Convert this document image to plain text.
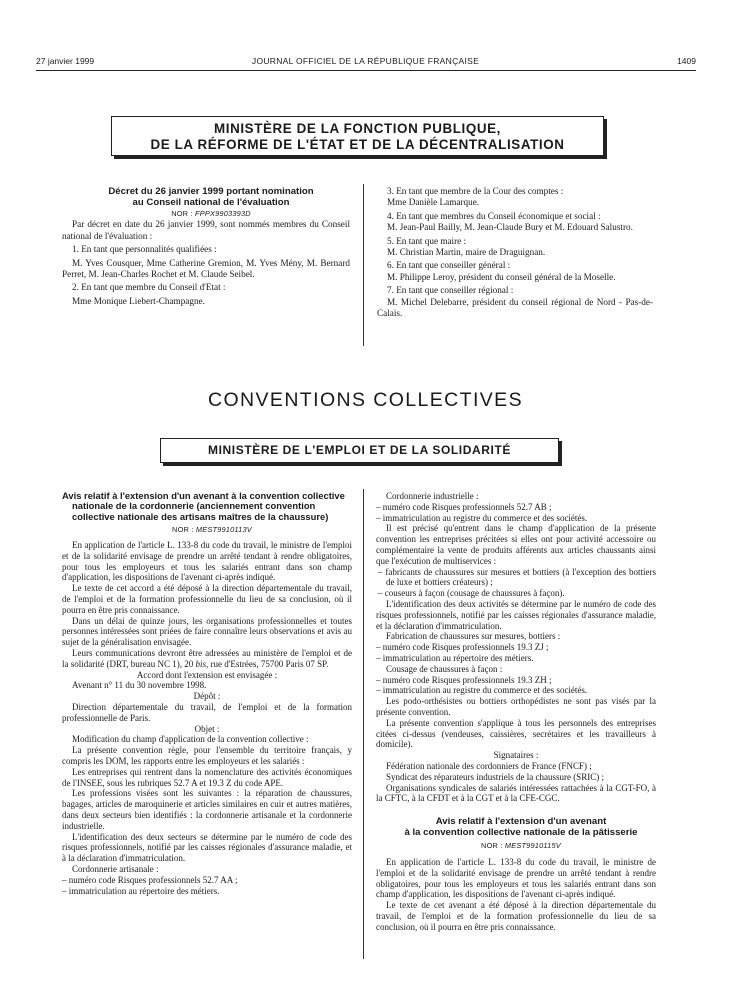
27 janvier 1999	JOURNAL OFFICIEL DE LA RÉPUBLIQUE FRANÇAISE	1409
MINISTÈRE DE LA FONCTION PUBLIQUE,
DE LA RÉFORME DE L'ÉTAT ET DE LA DÉCENTRALISATION

Décret du 26 janvier 1999 portant nomination

au Conseil national de l'évaluation

NOR : FPPX9903393D

Par décret en date du 26 janvier 1999, sont nommés membres du Conseil national de l'évaluation :

1. En tant que personnalités qualifiées :

M. Yves Cousquer, Mme Catherine Gremion, M. Yves Mény, M. Bernard Perret, M. Jean-Charles Rochet et M. Claude Seibel.

2. En tant que membre du Conseil d'Etat :

Mme Monique Liebert-Champagne.

3. En tant que membre de la Cour des comptes :

Mme Danièle Lamarque.

4. En tant que membres du Conseil économique et social :

M. Jean-Paul Bailly, M. Jean-Claude Bury et M. Edouard Salustro.

5. En tant que maire :

M. Christian Martin, maire de Draguignan.

6. En tant que conseiller général :

M. Philippe Leroy, président du conseil général de la Moselle.

7. En tant que conseiller régional :

M. Michel Delebarre, président du conseil régional de Nord - Pas-de-Calais.

CONVENTIONS COLLECTIVES
MINISTÈRE DE L'EMPLOI ET DE LA SOLIDARITÉ

Avis relatif à l'extension d'un avenant à la convention collective nationale de la cordonnerie (anciennement convention collective nationale des artisans maîtres de la chaussure)

NOR : MEST9910113V

En application de l'article L. 133-8 du code du travail, le ministre de l'emploi et de la solidarité envisage de prendre un arrêté tendant à rendre obligatoires, pour tous les employeurs et tous les salariés entrant dans son champ d'application, les dispositions de l'avenant ci-après indiqué.

Le texte de cet accord a été déposé à la direction départementale du travail, de l'emploi et de la formation professionnelle du lieu de sa conclusion, où il pourra en être pris connaissance.

Dans un délai de quinze jours, les organisations professionnelles et toutes personnes intéressées sont priées de faire connaître leurs observations et avis au sujet de la généralisation envisagée.

Leurs communications devront être adressées au ministère de l'emploi et de la solidarité (DRT, bureau NC 1), 20 bis, rue d'Estrées, 75700 Paris 07 SP.

Accord dont l'extension est envisagée :

Avenant n° 11 du 30 novembre 1998.

Dépôt :

Direction départementale du travail, de l'emploi et de la formation professionnelle de Paris.

Objet :

Modification du champ d'application de la convention collective :

La présente convention règle, pour l'ensemble du territoire français, y compris les DOM, les rapports entre les employeurs et les salariés :

Les entreprises qui rentrent dans la nomenclature des activités économiques de l'INSEE, sous les rubriques 52.7 A et 19.3 Z du code APE.

Les professions visées sont les suivantes : la réparation de chaussures, bagages, articles de maroquinerie et articles similaires en cuir et autres matières, dans deux secteurs bien identifiés : la cordonnerie artisanale et la cordonnerie industrielle.

L'identification des deux secteurs se détermine par le numéro de code des risques professionnels, notifié par les caisses régionales d'assurance maladie, et à la déclaration d'immatriculation.

Cordonnerie artisanale :

– numéro code Risques professionnels 52.7 AA ;

– immatriculation au répertoire des métiers.

Cordonnerie industrielle :

– numéro code Risques professionnels 52.7 AB ;

– immatriculation au registre du commerce et des sociétés.

Il est précisé qu'entrent dans le champ d'application de la présente convention les entreprises précitées si elles ont pour activité accessoire ou complémentaire la vente de produits afférents aux articles chaussants ainsi que l'exécution de multiservices :

– fabricants de chaussures sur mesures et bottiers (à l'exception des bottiers de luxe et bottiers créateurs) ;

– couseurs à façon (cousage de chaussures à façon).

L'identification des deux activités se détermine par le numéro de code des risques professionnels, notifié par les caisses régionales d'assurance maladie, et la déclaration d'immatriculation.

Fabrication de chaussures sur mesures, bottiers :

– numéro code Risques professionnels 19.3 ZJ ;

– immatriculation au répertoire des métiers.

Cousage de chaussures à façon :

– numéro code Risques professionnels 19.3 ZH ;

– immatriculation au registre du commerce et des sociétés.

Les podo-orthésistes ou bottiers orthopédistes ne sont pas visés par la présente convention.

La présente convention s'applique à tous les personnels des entreprises citées ci-dessus (vendeuses, caissières, secrétaires et les travailleurs à domicile).

Signataires :

Fédération nationale des cordonniers de France (FNCF) ;

Syndicat des réparateurs industriels de la chaussure (SRIC) ;

Organisations syndicales de salariés intéressées rattachées à la CGT-FO, à la CFTC, à la CFDT et à la CGT et à la CFE-CGC.

Avis relatif à l'extension d'un avenant

à la convention collective nationale de la pâtisserie

NOR : MEST9910115V

En application de l'article L. 133-8 du code du travail, le ministre de l'emploi et de la solidarité envisage de prendre un arrêté tendant à rendre obligatoires, pour tous les employeurs et tous les salariés entrant dans son champ d'application, les dispositions de l'avenant ci-après indiqué.

Le texte de cet avenant a été déposé à la direction départementale du travail, de l'emploi et de la formation professionnelle du lieu de sa conclusion, où il pourra en être pris connaissance.
